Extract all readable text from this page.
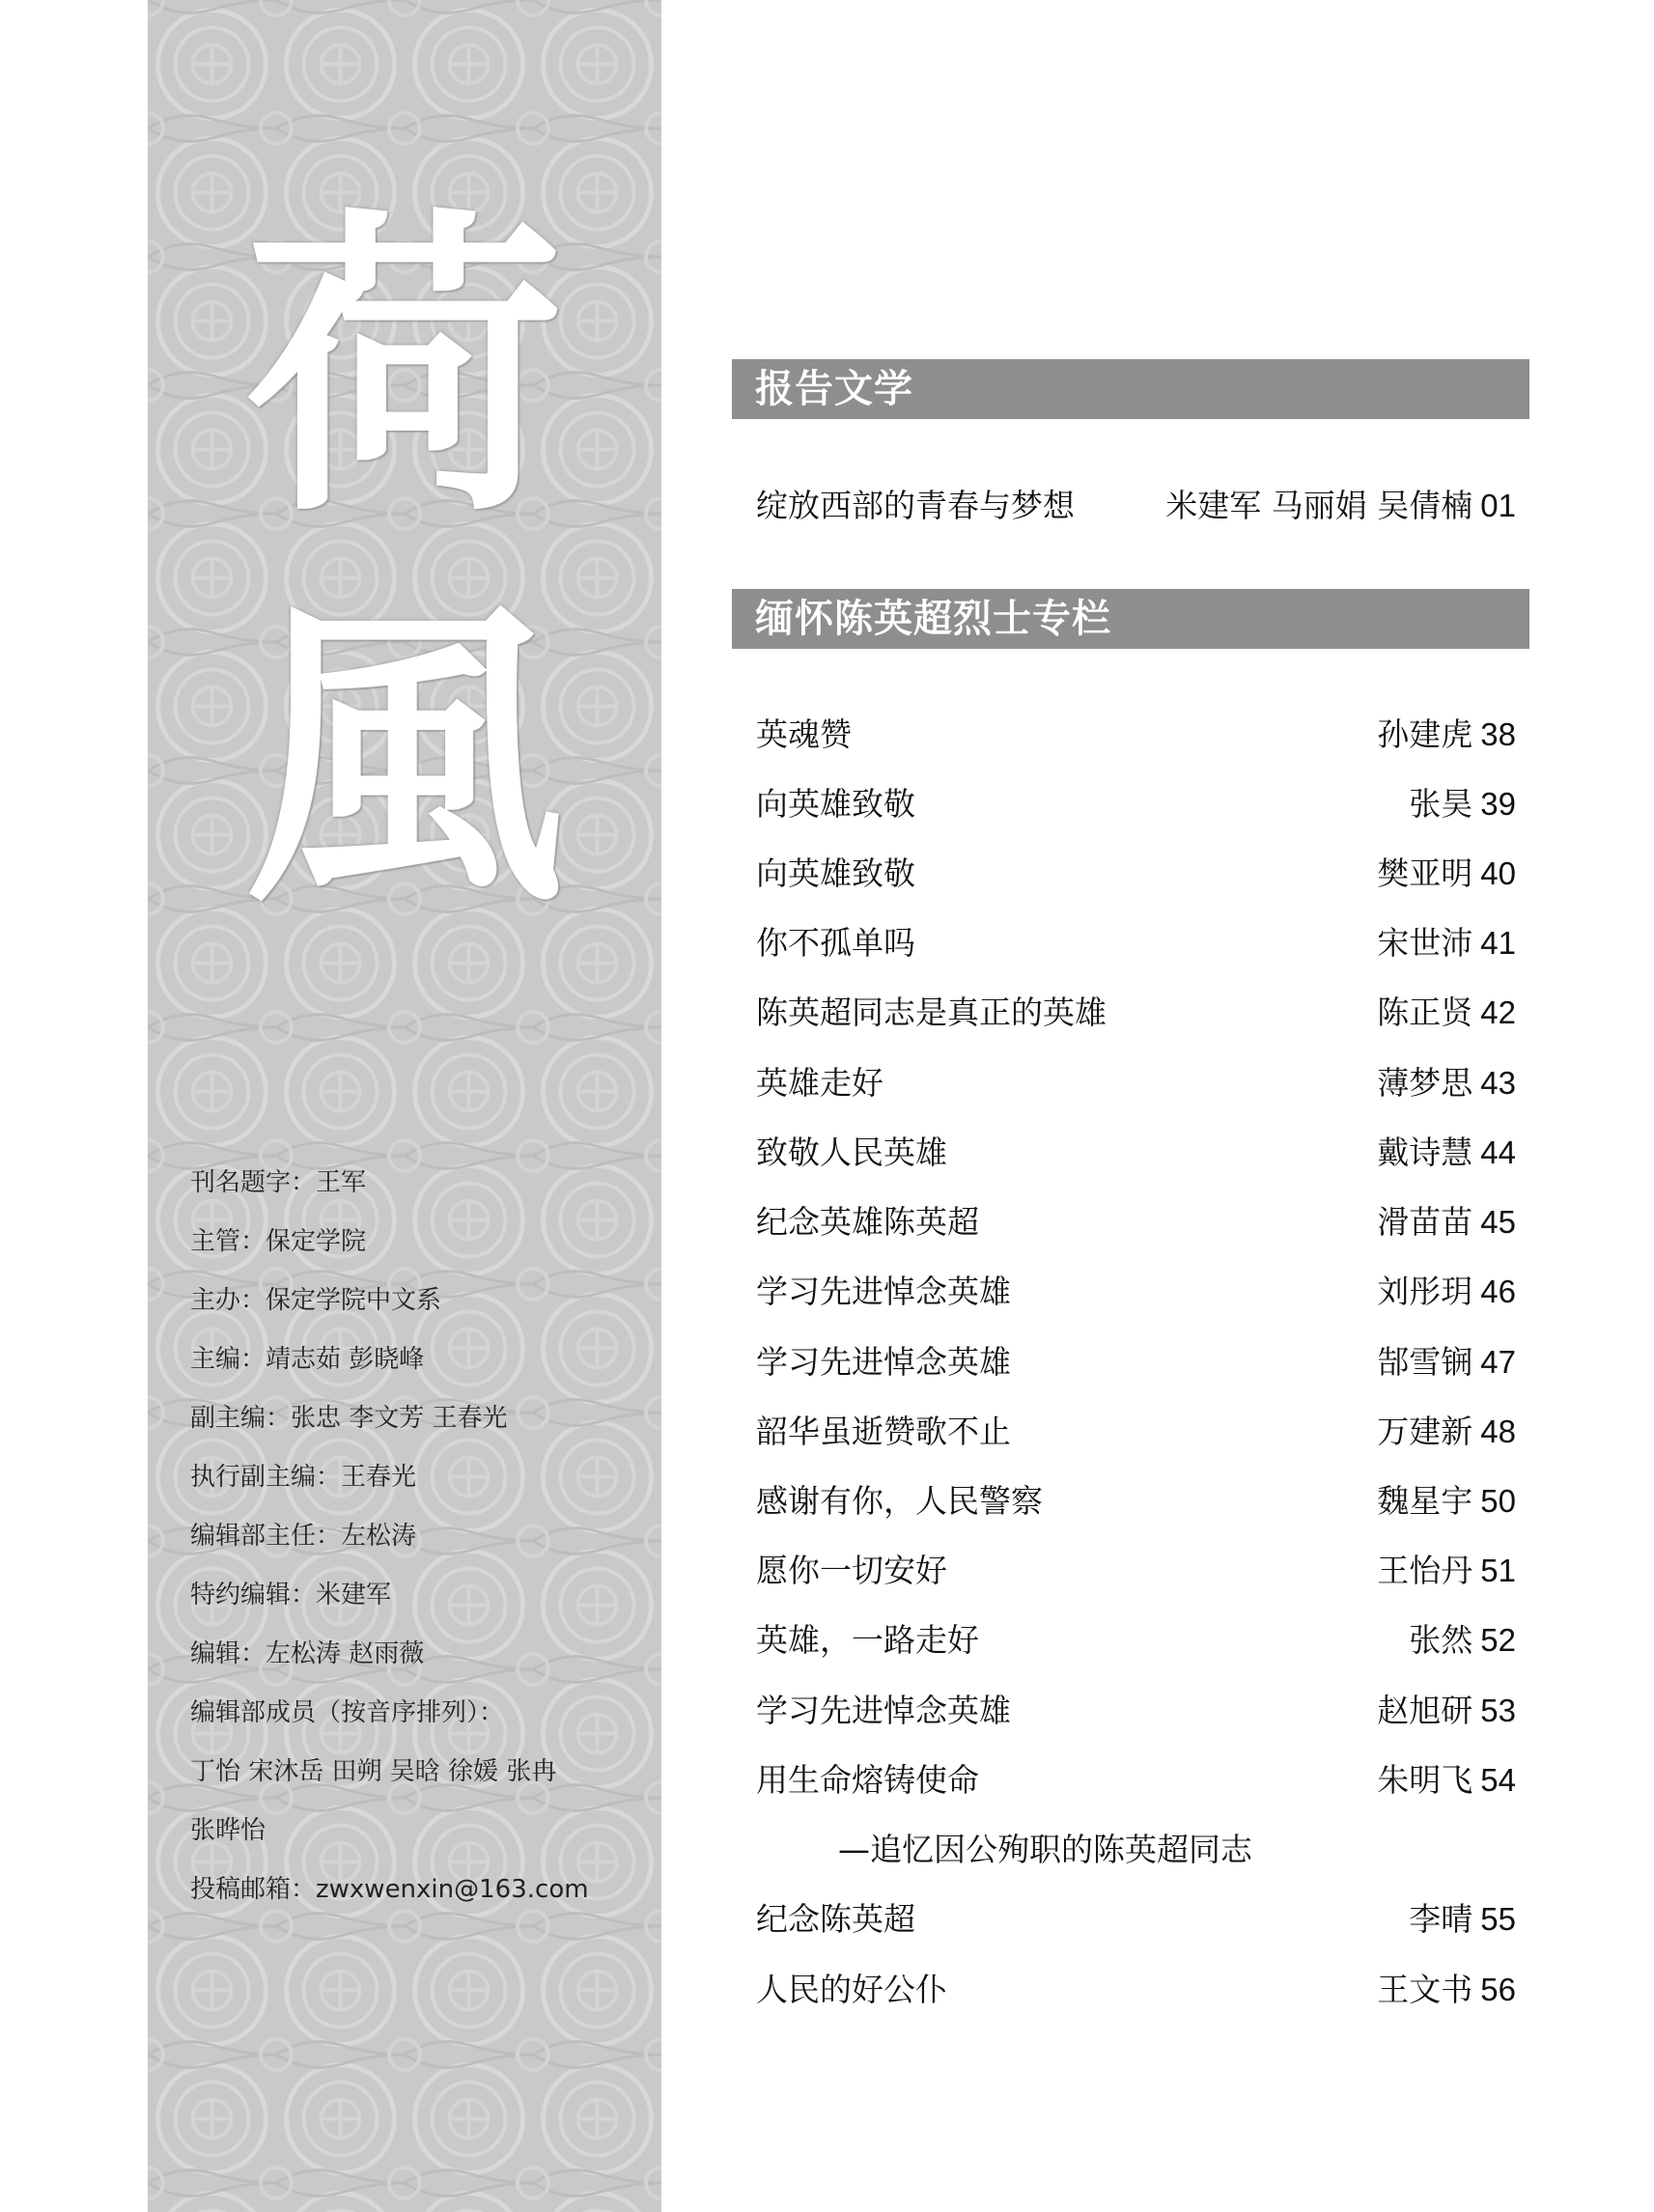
荷
風
刊名题字：王军
主管：保定学院
主办：保定学院中文系
主编：靖志茹 彭晓峰
副主编：张忠 李文芳 王春光
执行副主编：王春光
编辑部主任：左松涛
特约编辑：米建军
编辑：左松涛 赵雨薇
编辑部成员（按音序排列）：
丁怡 宋沐岳 田朔 吴晗 徐媛 张冉
张晔怡
投稿邮箱：zwxwenxin@163.com
报告文学
绽放西部的青春与梦想	米建军 马丽娟 吴倩楠 01
缅怀陈英超烈士专栏
英魂赞	孙建虎 38
向英雄致敬	张昊 39
向英雄致敬	樊亚明 40
你不孤单吗	宋世沛 41
陈英超同志是真正的英雄	陈正贤 42
英雄走好	薄梦思 43
致敬人民英雄	戴诗慧 44
纪念英雄陈英超	滑苗苗 45
学习先进悼念英雄	刘彤玥 46
学习先进悼念英雄	郜雪锎 47
韶华虽逝赞歌不止	万建新 48
感谢有你，人民警察	魏星宇 50
愿你一切安好	王怡丹 51
英雄，一路走好	张然 52
学习先进悼念英雄	赵旭研 53
用生命熔铸使命	朱明飞 54
—追忆因公殉职的陈英超同志
纪念陈英超	李晴 55
人民的好公仆	王文书 56
